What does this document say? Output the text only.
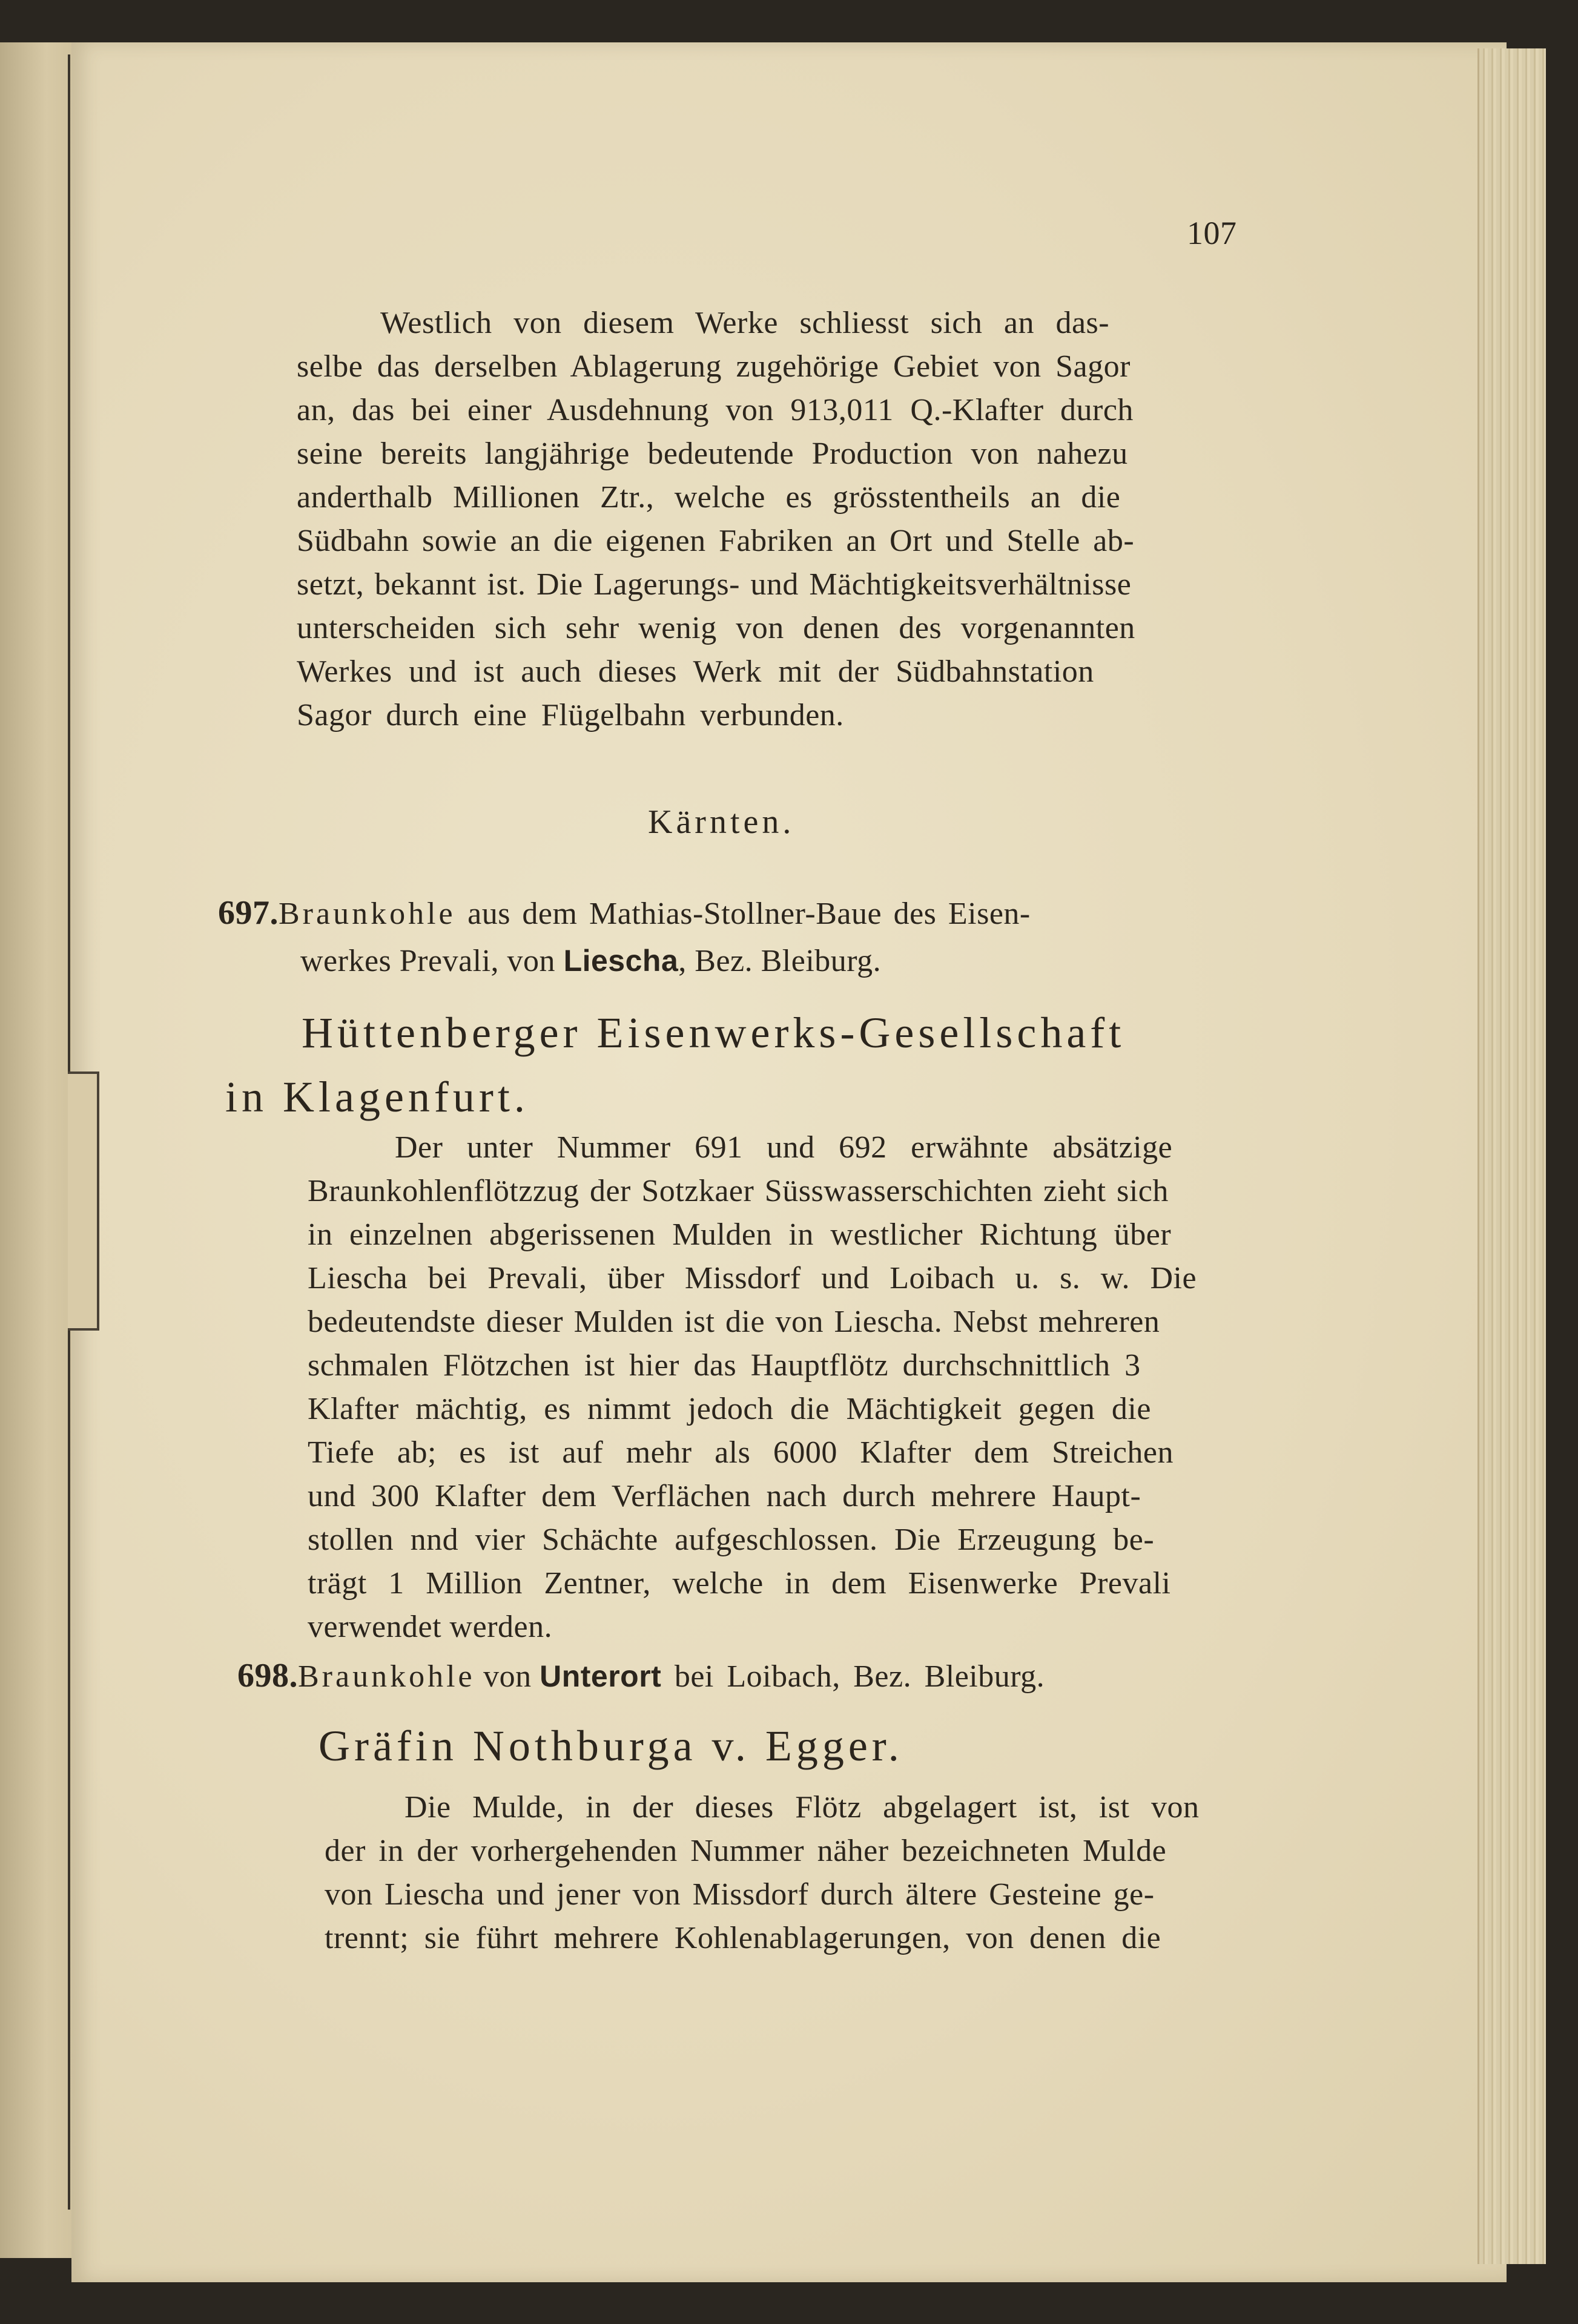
107
Westlich von diesem Werke schliesst sich an das-
selbe das derselben Ablagerung zugehörige Gebiet von Sagor
an, das bei einer Ausdehnung von 913,011 Q.-Klafter durch
seine bereits langjährige bedeutende Production von nahezu
anderthalb Millionen Ztr., welche es grösstentheils an die
Südbahn sowie an die eigenen Fabriken an Ort und Stelle ab-
setzt, bekannt ist. Die Lagerungs- und Mächtigkeitsverhältnisse
unterscheiden sich sehr wenig von denen des vorgenannten
Werkes und ist auch dieses Werk mit der Südbahnstation
Sagor durch eine Flügelbahn verbunden.
Kärnten.
697.Braunkohle aus dem Mathias-Stollner-Baue des Eisen-
werkes Prevali, von Liescha, Bez. Bleiburg.
Hüttenberger Eisenwerks-Gesellschaft
in Klagenfurt.
Der unter Nummer 691 und 692 erwähnte absätzige
Braunkohlenflötzzug der Sotzkaer Süsswasserschichten zieht sich
in einzelnen abgerissenen Mulden in westlicher Richtung über
Liescha bei Prevali, über Missdorf und Loibach u. s. w. Die
bedeutendste dieser Mulden ist die von Liescha. Nebst mehreren
schmalen Flötzchen ist hier das Hauptflötz durchschnittlich 3
Klafter mächtig, es nimmt jedoch die Mächtigkeit gegen die
Tiefe ab; es ist auf mehr als 6000 Klafter dem Streichen
und 300 Klafter dem Verflächen nach durch mehrere Haupt-
stollen nnd vier Schächte aufgeschlossen. Die Erzeugung be-
trägt 1 Million Zentner, welche in dem Eisenwerke Prevali
verwendet werden.
698.Braunkohle von Unterort bei Loibach, Bez. Bleiburg.
Gräfin Nothburga v. Egger.
Die Mulde, in der dieses Flötz abgelagert ist, ist von
der in der vorhergehenden Nummer näher bezeichneten Mulde
von Liescha und jener von Missdorf durch ältere Gesteine ge-
trennt; sie führt mehrere Kohlenablagerungen, von denen die
